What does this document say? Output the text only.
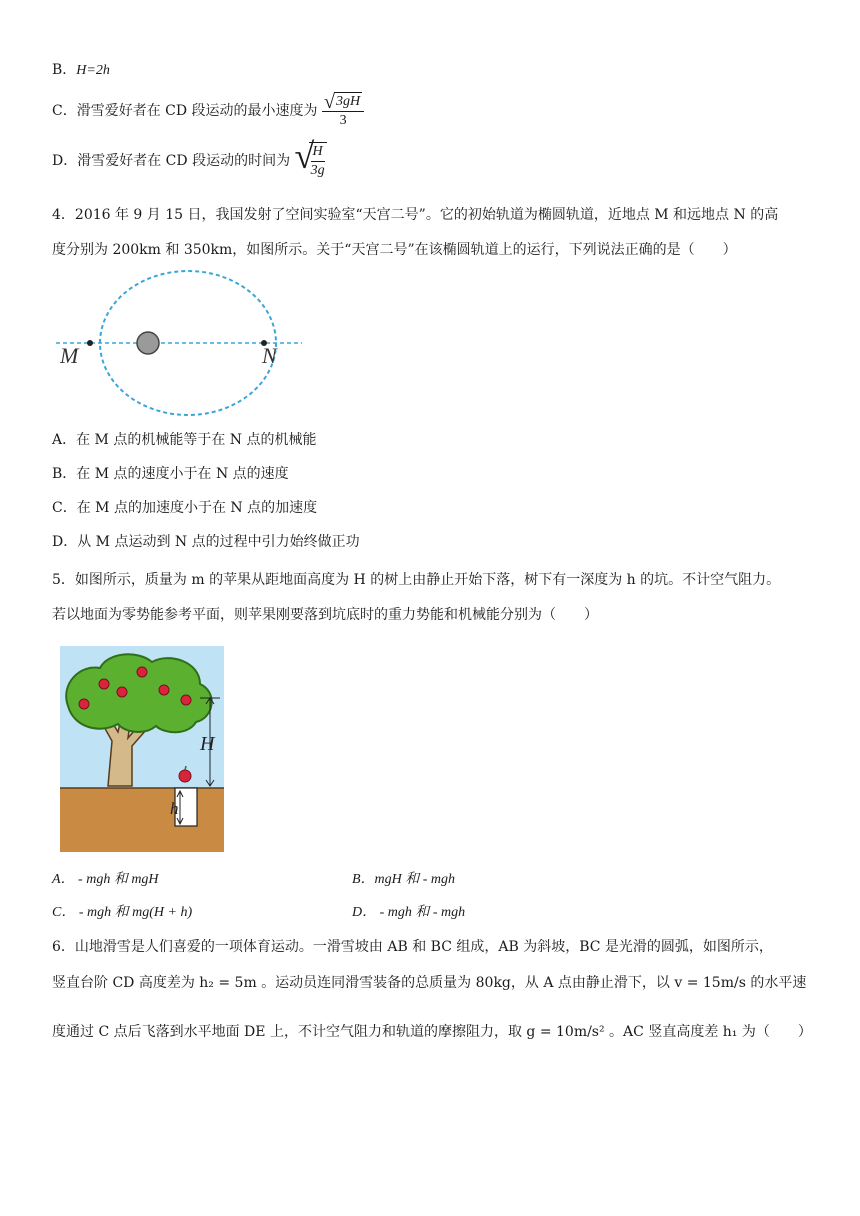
B．H=2h
C．滑雪爱好者在 CD 段运动的最小速度为 $\frac{√ 3gH}{3}$
D．滑雪爱好者在 CD 段运动的时间为 √
$\frac{H}{3g}$
4．2016 年 9 月 15 日，我国发射了空间实验室“天宫二号”。它的初始轨道为椭圆轨道，近地点 M 和远地点 N 的高
度分别为 200km 和 350km，如图所示。关于“天宫二号”在该椭圆轨道上的运行，下列说法正确的是（　　）
M	N
A．在 M 点的机械能等于在 N 点的机械能
B．在 M 点的速度小于在 N 点的速度
C．在 M 点的加速度小于在 N 点的加速度
D．从 M 点运动到 N 点的过程中引力始终做正功
5．如图所示，质量为 m 的苹果从距地面高度为 H 的树上由静止开始下落，树下有一深度为 h 的坑。不计空气阻力。
若以地面为零势能参考平面，则苹果刚要落到坑底时的重力势能和机械能分别为（　　）
H
h
A． - mgh 和 mgH	B．mgH 和 - mgh
C． - mgh 和 mg(H + h)	D． - mgh 和 - mgh
6．山地滑雪是人们喜爱的一项体育运动。一滑雪坡由 AB 和 BC 组成，AB 为斜坡，BC 是光滑的圆弧，如图所示，
竖直台阶 CD 高度差为 h₂ = 5m 。运动员连同滑雪装备的总质量为 80kg，从 A 点由静止滑下，以 v = 15m/s 的水平速
度通过 C 点后飞落到水平地面 DE 上，不计空气阻力和轨道的摩擦阻力，取 g = 10m/s² 。AC 竖直高度差 h₁ 为（　　）
